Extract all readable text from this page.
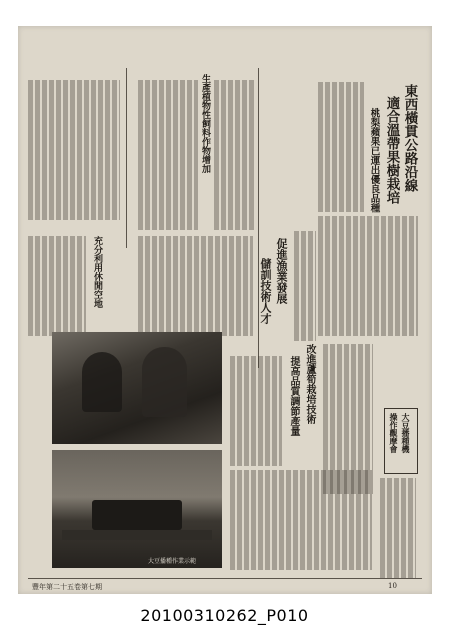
東西橫貫公路沿線
適合溫帶果樹栽培
桃梨蘋果已運出優良品種
促進漁業發展
儲訓技術人才
生產植物性飼料作物增加
充分利用休閒空地
改進蘆筍栽培技術
提高品質調節產量	大豆播種機
操作觀摩會
大豆播種作業示範
豐年第二十五卷第七期	10
20100310262_P010
